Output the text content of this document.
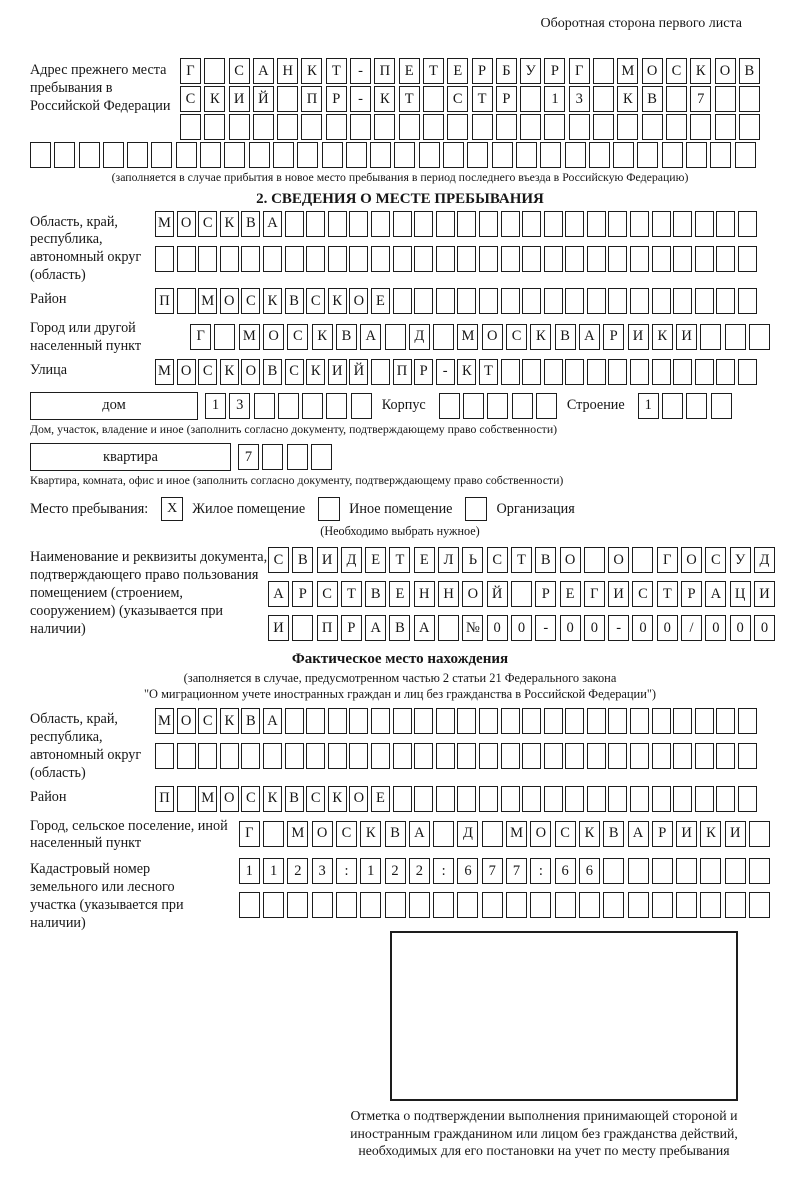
Оборотная сторона первого листа
Адрес прежнего места пребывания в Российской Федерации
Г	С А Н К	Т	-	П	Е	Т	Е	Р	Б	У	Р	Г	М О С	К О В
С	К И Й	П	Р	-	К	Т	С	Т	Р	1	3	К	В	7
(заполняется в случае прибытия в новое место пребывания в период последнего въезда в Российскую Федерацию)
2. СВЕДЕНИЯ О МЕСТЕ ПРЕБЫВАНИЯ
Область, край, республика, автономный округ (область)
М О С К В А
Район	П М О С К В С К О Е
Город или другой населенный пункт
Г	М О С	К	В А	Д	М О С	К	В А	Р	И К И
Улица	М О С К О В С К И Й П Р	- К Т
дом	1	3	Корпус	Строение	1
Дом, участок, владение и иное (заполнить согласно документу, подтверждающему право собственности)
квартира	7
Квартира, комната, офис и иное (заполнить согласно документу, подтверждающему право собственности)
Место пребывания:	X	Жилое помещение	Иное помещение	Организация
(Необходимо выбрать нужное)
Наименование и реквизиты документа, подтверждающего право пользования помещением (строением, сооружением) (указывается при наличии)
С	В И Д	Е	Т	Е	Л	Ь	С	Т	В О	О	Г	О С У Д
А	Р	С	Т	В	Е	Н Н О Й	Р	Е	Г	И С	Т	Р	А Ц И
И	П	Р	А В А	№ 0	0	-	0	0	-	0	0	/	0	0	0
Фактическое место нахождения
(заполняется в случае, предусмотренном частью 2 статьи 21 Федерального закона
"О миграционном учете иностранных граждан и лиц без гражданства в Российской Федерации")
Область, край, республика, автономный округ (область)
М О С К В А
Район	П М О С К В С К О Е
Город, сельское поселение, иной населенный пункт
Г	М О С	К	В А	Д	М О С	К	В А	Р	И К И
Кадастровый номер земельного или лесного участка (указывается при наличии)
1	1	2	3	:	1	2	2	:	6	7	7	:	6	6
Отметка о подтверждении выполнения принимающей стороной и иностранным гражданином или лицом без гражданства действий, необходимых для его постановки на учет по месту пребывания
